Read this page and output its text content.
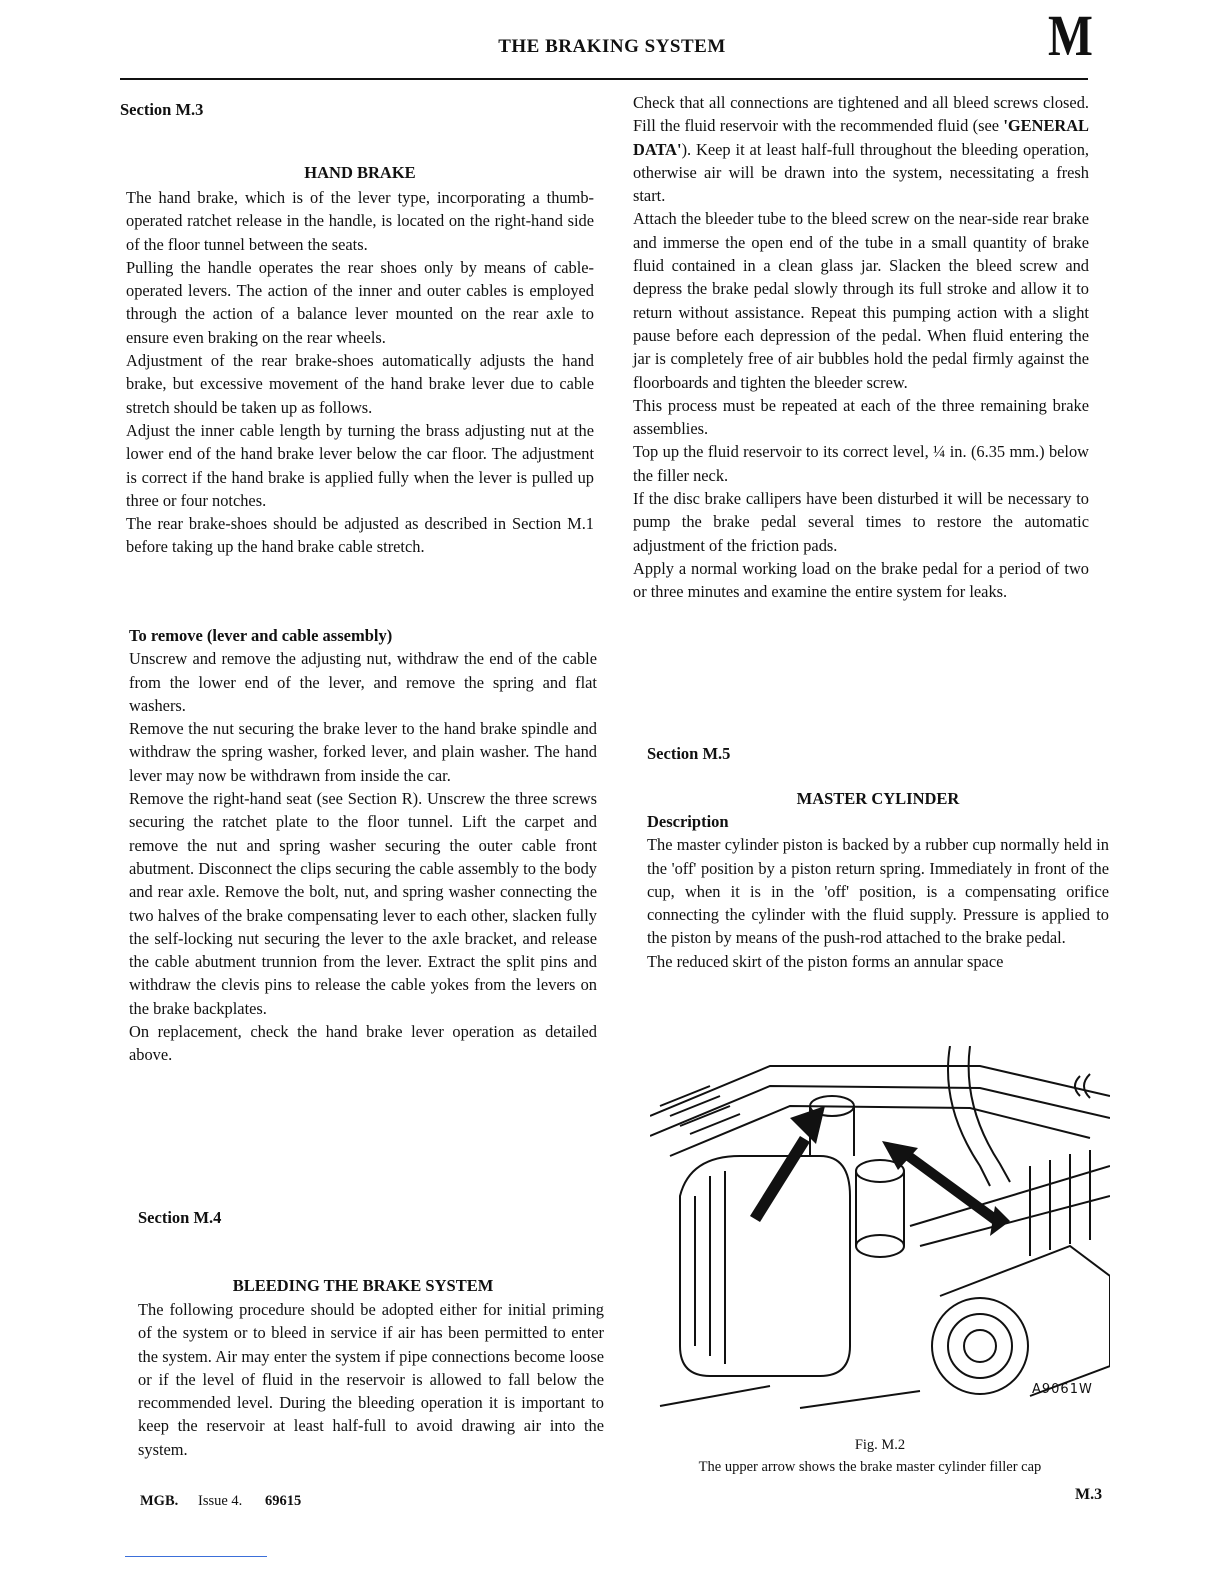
THE BRAKING SYSTEM	M
Section M.3
HAND BRAKE

The hand brake, which is of the lever type, incorporating a thumb-operated ratchet release in the handle, is located on the right-hand side of the floor tunnel between the seats.

Pulling the handle operates the rear shoes only by means of cable-operated levers. The action of the inner and outer cables is employed through the action of a balance lever mounted on the rear axle to ensure even braking on the rear wheels.

Adjustment of the rear brake-shoes automatically adjusts the hand brake, but excessive movement of the hand brake lever due to cable stretch should be taken up as follows.

Adjust the inner cable length by turning the brass adjusting nut at the lower end of the hand brake lever below the car floor. The adjustment is correct if the hand brake is applied fully when the lever is pulled up three or four notches.

The rear brake-shoes should be adjusted as described in Section M.1 before taking up the hand brake cable stretch.

To remove (lever and cable assembly)

Unscrew and remove the adjusting nut, withdraw the end of the cable from the lower end of the lever, and remove the spring and flat washers.

Remove the nut securing the brake lever to the hand brake spindle and withdraw the spring washer, forked lever, and plain washer. The hand lever may now be withdrawn from inside the car.

Remove the right-hand seat (see Section R). Unscrew the three screws securing the ratchet plate to the floor tunnel. Lift the carpet and remove the nut and spring washer securing the outer cable front abutment. Disconnect the clips securing the cable assembly to the body and rear axle. Remove the bolt, nut, and spring washer connecting the two halves of the brake compensating lever to each other, slacken fully the self-locking nut securing the lever to the axle bracket, and release the cable abutment trunnion from the lever. Extract the split pins and withdraw the clevis pins to release the cable yokes from the levers on the brake backplates.

On replacement, check the hand brake lever operation as detailed above.

Section M.4
BLEEDING THE BRAKE SYSTEM

The following procedure should be adopted either for initial priming of the system or to bleed in service if air has been permitted to enter the system. Air may enter the system if pipe connections become loose or if the level of fluid in the reservoir is allowed to fall below the recommended level. During the bleeding operation it is important to keep the reservoir at least half-full to avoid drawing air into the system.

Check that all connections are tightened and all bleed screws closed. Fill the fluid reservoir with the recommended fluid (see 'GENERAL DATA'). Keep it at least half-full throughout the bleeding operation, otherwise air will be drawn into the system, necessitating a fresh start.

Attach the bleeder tube to the bleed screw on the near-side rear brake and immerse the open end of the tube in a small quantity of brake fluid contained in a clean glass jar. Slacken the bleed screw and depress the brake pedal slowly through its full stroke and allow it to return without assistance. Repeat this pumping action with a slight pause before each depression of the pedal. When fluid entering the jar is completely free of air bubbles hold the pedal firmly against the floorboards and tighten the bleeder screw.

This process must be repeated at each of the three remaining brake assemblies.

Top up the fluid reservoir to its correct level, ¼ in. (6.35 mm.) below the filler neck.

If the disc brake callipers have been disturbed it will be necessary to pump the brake pedal several times to restore the automatic adjustment of the friction pads.

Apply a normal working load on the brake pedal for a period of two or three minutes and examine the entire system for leaks.

Section M.5
MASTER CYLINDER

Description

The master cylinder piston is backed by a rubber cup normally held in the 'off' position by a piston return spring. Immediately in front of the cup, when it is in the 'off' position, is a compensating orifice connecting the cylinder with the fluid supply. Pressure is applied to the piston by means of the push-rod attached to the brake pedal.

The reduced skirt of the piston forms an annular space

A9061W
Fig. M.2
The upper arrow shows the brake master cylinder filler cap
MGB. Issue 4. 69615	M.3
